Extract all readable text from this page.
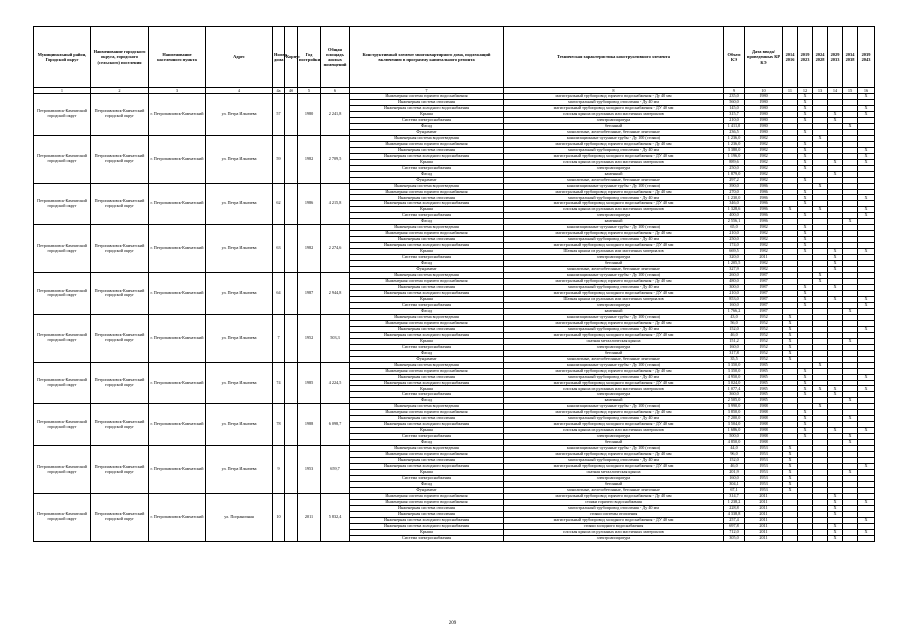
Муниципальный район, Городской округ	Наименование городского округа, городского (сельского) поселения	Наименование населенного пункта	Адрес	Номер дома	Корпус	Год постройки	Общая площадь жилых помещений	Конструктивный элемент многоквартирного дома, подлежащий включению в программу капитального ремонта	Техническая характеристика конструктивного элемента	Объем КЭ	Дата ввода/ проведенных КР КЭ	2014 2016	2019 2023	2024 2028	2029 2033	2034 2038	2039 2043
1	2	3	4	4а	4б	5	6	7	8	9	10	11	12	13	14	15	16
Петропавловск-Камчатский городской округ	Петропавловск-Камчатский городской округ	г. Петропавловск-Камчатский	ул. Петра Ильичева	57		1980	2 241,8	Инженерная система горячего водоснабжения	магистральный трубопровод горячего водоснабжения - Ду 40 мм	235,0	1980		X				X
								Инженерная система отопления	магистральный трубопровод отопления - Ду 40 мм	560,0	1980		X				
								Инженерная система холодного водоснабжения	магистральный трубопровод холодного водоснабжения - ДУ 40 мм	145,0	1980		X				X
								Крыша	плоская крыша из рулонных или мастичных материалов	315,7	1980		X		X		X
								Система электроснабжения	электроаппаратура	210,0	1980		X		X		
								Фасад	бетонный	1 411,0	1980					X	
								Фундамент	монолитные, железобетонные, бетонные ленточные	236,5	1980		X				
Петропавловск-Камчатский городской округ	Петропавловск-Камчатский городской округ	г. Петропавловск-Камчатский	ул. Петра Ильичева	59		1982	2 709,5	Инженерная система водоотведения	канализационные чугунные трубы - Ду 100 (стояки)	1 236,0	1982			X			
								Инженерная система горячего водоснабжения	магистральный трубопровод горячего водоснабжения - Ду 40 мм	1 236,0	1982		X				
								Инженерная система отопления	магистральный трубопровод отопления - Ду 40 мм	3 380,0	1982		X				X
								Инженерная система холодного водоснабжения	магистральный трубопровод холодного водоснабжения - ДУ 40 мм	1 196,0	1982		X				X
								Крыша	плоская крыша из рулонных или мастичных материалов	889,6	1982		X		X		X
								Система электроснабжения	электроаппаратура	250,0	1982		X				
								Фасад	каменный	1 879,0	1982				X		
								Фундамент	монолитные, железобетонные, бетонные ленточные	297,2	1982		X				
Петропавловск-Камчатский городской округ	Петропавловск-Камчатский городской округ	г. Петропавловск-Камчатский	ул. Петра Ильичева	62		1986	4 215,8	Инженерная система водоотведения	канализационные чугунные трубы - Ду 100 (стояки)	390,0	1986			X			
								Инженерная система горячего водоснабжения	магистральный трубопровод горячего водоснабжения - Ду 40 мм	270,0	1986		X				
								Инженерная система отопления	магистральный трубопровод отопления - Ду 40 мм	1 230,0	1986		X				X
								Инженерная система холодного водоснабжения	магистральный трубопровод холодного водоснабжения - ДУ 40 мм	346,0	1986		X				
								Крыша	плоская крыша из рулонных или мастичных материалов	1 328,6	1986	X		X			X
								Система электроснабжения	электроаппаратура	400,0	1986		X				X
								Фасад	каменный	2 556,1	1986					X	
Петропавловск-Камчатский городской округ	Петропавловск-Камчатский городской округ	г. Петропавловск-Камчатский	ул. Петра Ильичева	63		1982	2 274,6	Инженерная система водоотведения	канализационные чугунные трубы - Ду 100 (стояки)	65,0	1982		X				
								Инженерная система горячего водоснабжения	магистральный трубопровод горячего водоснабжения - Ду 40 мм	210,0	1982		X				
								Инженерная система отопления	магистральный трубопровод отопления - Ду 40 мм	250,0	1982		X				
								Инженерная система холодного водоснабжения	магистральный трубопровод холодного водоснабжения - ДУ 40 мм	174,0	1982		X				
								Крыша	Шатная крыша из рулонных или мастичных материалов	669,5	1982		X		X		X
								Система электроснабжения	электроаппаратура	320,0	2011				X		
								Фасад	бетонный	1 205,5	1982				X		
								Фундамент	монолитные, железобетонные, бетонные ленточные	327,9	1982				X		
Петропавловск-Камчатский городской округ	Петропавловск-Камчатский городской округ	г. Петропавловск-Камчатский	ул. Петра Ильичева	64		1987	2 944,8	Инженерная система водоотведения	канализационные чугунные трубы - Ду 100 (стояки)	260,0	1987			X			
								Инженерная система горячего водоснабжения	магистральный трубопровод горячего водоснабжения - Ду 40 мм	480,0	1987			X			
								Инженерная система отопления	магистральный трубопровод отопления - Ду 40 мм	300,0	1987		X		X		
								Инженерная система холодного водоснабжения	магистральный трубопровод холодного водоснабжения - ДУ 40 мм	210,0	1987		X				
								Крыша	Шатная крыша из рулонных или мастичных материалов	853,0	1987		X		X		X
								Система электроснабжения	электроаппаратура	160,0	1987		X				X
								Фасад	каменный	1 766,2	1987					X	
Петропавловск-Камчатский городской округ	Петропавловск-Камчатский городской округ	г. Петропавловск-Камчатский	ул. Петра Ильичева	7		1952	503,3	Инженерная система водоотведения	канализационные чугунные трубы - Ду 100 (стояки)	43,0	1952	X					
								Инженерная система горячего водоснабжения	магистральный трубопровод горячего водоснабжения - Ду 40 мм	56,0	1952	X					
								Инженерная система отопления	магистральный трубопровод отопления - Ду 40 мм	152,0	1952	X					X
								Инженерная система холодного водоснабжения	магистральный трубопровод холодного водоснабжения - ДУ 40 мм	46,0	1952	X					
								Крыша	скатная металлическая крыша	151,2	1952	X				X	
								Система электроснабжения	электроаппаратура	160,0	1952	X					
								Фасад	бетонный	317,8	1952	X					
								Фундамент	монолитные, железобетонные, бетонные ленточные	35,5	1952	X					
Петропавловск-Камчатский городской округ	Петропавловск-Камчатский городской округ	г. Петропавловск-Камчатский	ул. Петра Ильичева	74		1985	4 224,5	Инженерная система водоотведения	канализационные чугунные трубы - Ду 100 (стояки)	3 350,0	1985			X			
								Инженерная система горячего водоснабжения	магистральный трубопровод горячего водоснабжения - Ду 40 мм	3 350,0	1985		X				
								Инженерная система отопления	магистральный трубопровод отопления - Ду 40 мм	4 950,0	1985		X				X
								Инженерная система холодного водоснабжения	магистральный трубопровод холодного водоснабжения - ДУ 40 мм	3 024,0	1985		X				
								Крыша	плоская крыша из рулонных или мастичных материалов	1 077,4	1985		X	X	X		X
								Система электроснабжения	электроаппаратура	360,0	1985		X		X		
								Фасад	каменный	2 505,0	1985					X	
Петропавловск-Камчатский городской округ	Петропавловск-Камчатский городской округ	г. Петропавловск-Камчатский	ул. Петра Ильичева	78		1988	6 098,7	Инженерная система водоотведения	канализационные чугунные трубы - Ду 100 (стояки)	3 990,0	1988			X			
								Инженерная система горячего водоснабжения	магистральный трубопровод горячего водоснабжения - Ду 40 мм	3 850,0	1988		X				
								Инженерная система отопления	магистральный трубопровод отопления - Ду 40 мм	7 200,0	1988		X			X	
								Инженерная система холодного водоснабжения	магистральный трубопровод холодного водоснабжения - ДУ 40 мм	3 504,0	1988		X				
								Крыша	плоская крыша из рулонных или мастичных материалов	1 686,0	1988		X		X		X
								Система электроснабжения	электроаппаратура	500,0	1988		X			X	
								Фасад	бетонный	4 850,0	1988					X	
Петропавловск-Камчатский городской округ	Петропавловск-Камчатский городской округ	г. Петропавловск-Камчатский	ул. Петра Ильичева	9		1953	659,7	Инженерная система водоотведения	канализационные чугунные трубы - Ду 100 (стояки)	44,0	1953	X					
								Инженерная система горячего водоснабжения	магистральный трубопровод горячего водоснабжения - Ду 40 мм	96,0	1953	X					
								Инженерная система отопления	магистральный трубопровод отопления - Ду 40 мм	152,0	1953	X					
								Инженерная система холодного водоснабжения	магистральный трубопровод холодного водоснабжения - ДУ 40 мм	46,0	1953	X					X
								Крыша	скатная металлическая крыша	201,9	1953	X				X	
								Система электроснабжения	электроаппаратура	160,0	1953	X					
								Фасад	бетонный	304,1	1953	X					
								Фундамент	монолитные, железобетонные, бетонные ленточные	67,1	1953	X					
Петропавловск-Камчатский городской округ	Петропавловск-Камчатский городской округ	г. Петропавловск-Камчатский	ул. Пограничная	10		2011	5 832,4	Инженерная система горячего водоснабжения	магистральный трубопровод горячего водоснабжения - Ду 40 мм	314,7	2011				X		
								Инженерная система горячего водоснабжения	стояки горячего водоснабжения	1 238,2	2011				X		X
								Инженерная система отопления	магистральный трубопровод отопления - Ду 40 мм	228,8	2011				X		
								Инженерная система отопления	стояки системы отопления	4 338,8	2011				X		
								Инженерная система холодного водоснабжения	магистральный трубопровод холодного водоснабжения - ДУ 40 мм	257,4	2011						X
								Инженерная система холодного водоснабжения	стояки холодного водоснабжения	697,8	2011				X		
								Крыша	плоская крыша из рулонных или мастичных материалов	712,0	2011				X		X
								Система электроснабжения	электроаппаратура	305,0	2011				X		
209
